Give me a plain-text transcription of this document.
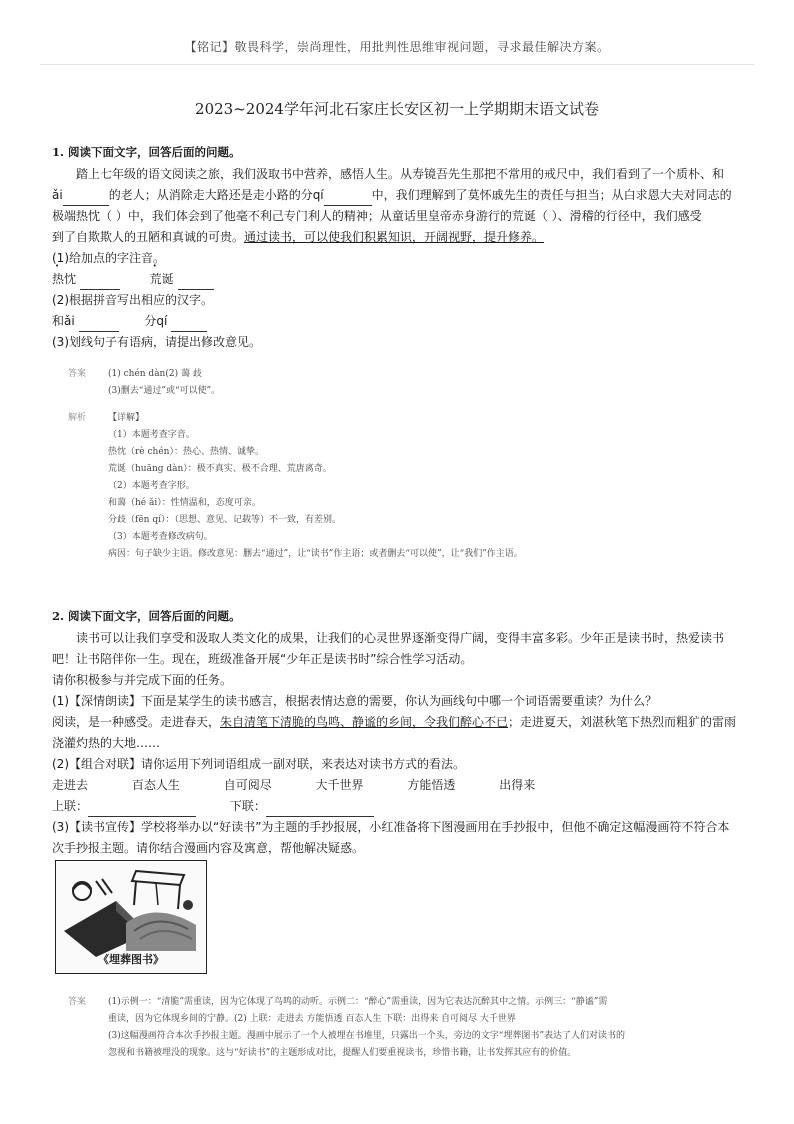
【铭记】敬畏科学，崇尚理性，用批判性思维审视问题，寻求最佳解决方案。
2023~2024学年河北石家庄长安区初一上学期期末语文试卷
1. 阅读下面文字，回答后面的问题。
踏上七年级的语文阅读之旅，我们汲取书中营养，感悟人生。从寿镜吾先生那把不常用的戒尺中，我们看到了一个质朴、和
ǎi	的老人；从消除走大路还是走小路的分qí	中，我们理解到了莫怀戚先生的责任与担当；从白求恩大夫对同志的
极端热忱（ ）中，我们体会到了他毫不利己专门利人的精神；从童话里皇帝赤身游行的荒诞（ ）、滑稽的行径中，我们感受
到了自欺欺人的丑陋和真诚的可贵。通过读书，可以使我们积累知识，开阔视野，提升修养。
(1)给加点的字注音。
热忱	荒诞
(2)根据拼音写出相应的汉字。
和ǎi	分qí
(3)划线句子有语病，请提出修改意见。
答案	(1) chén dàn(2) 蔼 歧
(3)删去“通过”或“可以使”。
解析	【详解】
（1）本题考查字音。
热忱（rè chén）：热心、热情、诚挚。
荒诞（huāng dàn）：极不真实、极不合理、荒唐离奇。
（2）本题考查字形。
和蔼（hé ǎi）：性情温和，态度可亲。
分歧（fēn qí）：（思想、意见、记载等）不一致，有差别。
（3）本题考查修改病句。
病因：句子缺少主语。修改意见：删去“通过”，让“读书”作主语；或者删去“可以使”，让“我们”作主语。
2. 阅读下面文字，回答后面的问题。
读书可以让我们享受和汲取人类文化的成果，让我们的心灵世界逐渐变得广阔，变得丰富多彩。少年正是读书时，热爱读书
吧！让书陪伴你一生。现在，班级准备开展“少年正是读书时”综合性学习活动。
请你积极参与并完成下面的任务。
(1)【深情朗读】下面是某学生的读书感言，根据表情达意的需要，你认为画线句中哪一个词语需要重读？为什么？
阅读，是一种感受。走进春天，朱自清笔下清脆的鸟鸣、静谧的乡间，令我们醉心不已；走进夏天，刘湛秋笔下热烈而粗犷的雷雨
浇灌灼热的大地……
(2)【组合对联】请你运用下列词语组成一副对联，来表达对读书方式的看法。
走进去	百态人生	自可阅尽	大千世界	方能悟透	出得来
上联：	下联：
(3)【读书宣传】学校将举办以“好读书”为主题的手抄报展，小红准备将下图漫画用在手抄报中，但他不确定这幅漫画符不符合本
次手抄报主题。请你结合漫画内容及寓意，帮他解决疑惑。
《埋葬图书》
答案	(1)示例一：“清脆”需重读，因为它体现了鸟鸣的动听。示例二：“醉心”需重读，因为它表达沉醉其中之情。示例三：“静谧”需
重读，因为它体现乡间的宁静。(2) 上联：走进去 方能悟透 百态人生 下联：出得来 自可阅尽 大千世界
(3)这幅漫画符合本次手抄报主题。漫画中展示了一个人被埋在书堆里，只露出一个头，旁边的文字“埋葬图书”表达了人们对读书的
忽视和书籍被埋没的现象。这与“好读书”的主题形成对比，提醒人们要重视读书，珍惜书籍，让书发挥其应有的价值。
